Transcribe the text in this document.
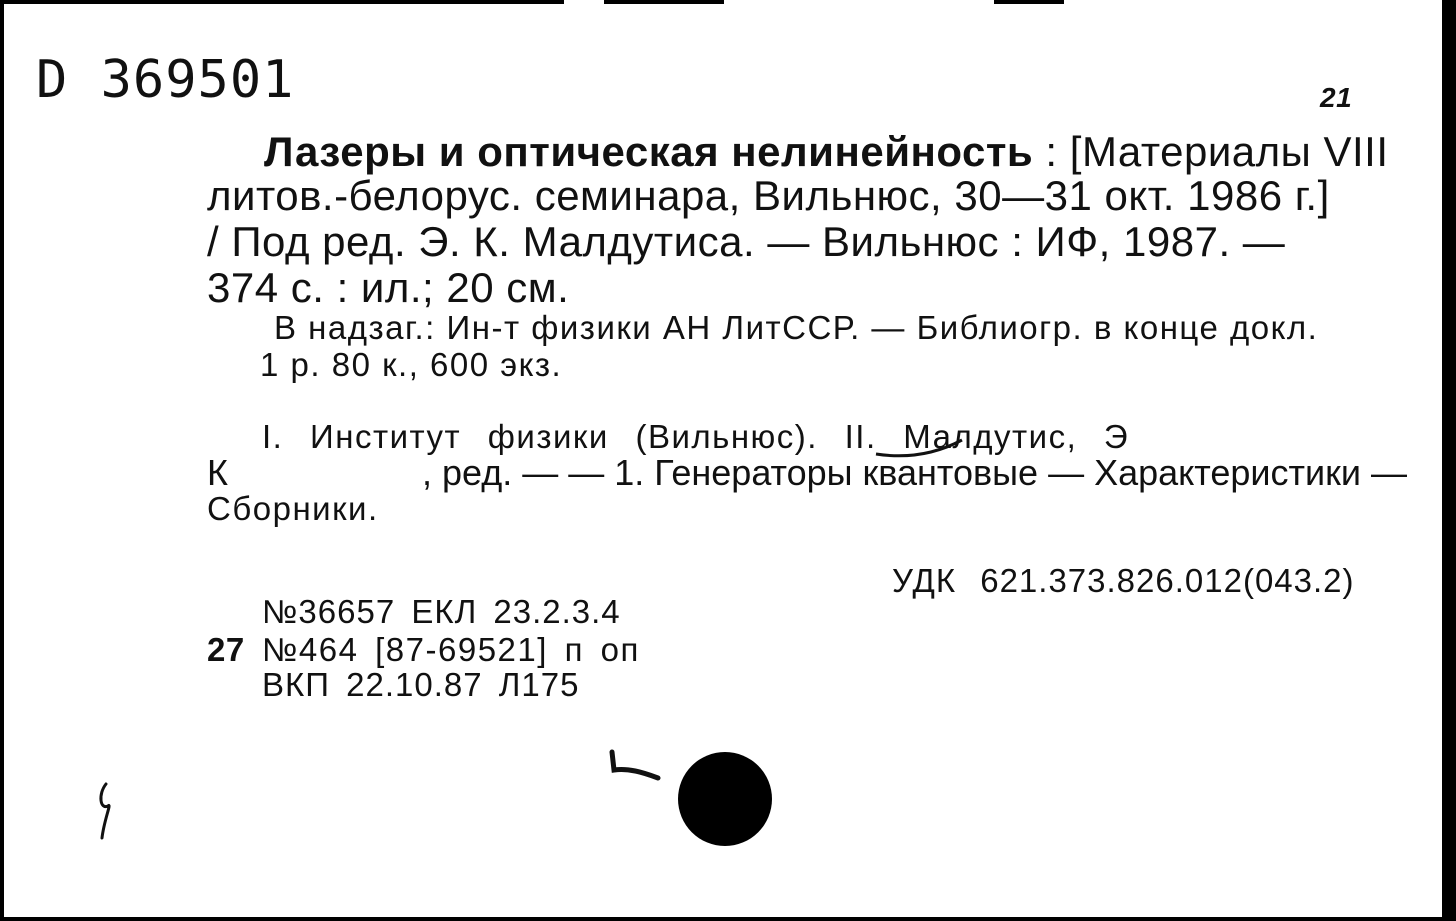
D 369501	21
Лазеры и оптическая нелинейность : [Материалы VIII
литов.-белорус. семинара, Вильнюс, 30—31 окт. 1986 г.]
/ Под ред. Э. К. Малдутиса. — Вильнюс : ИФ, 1987. —
374 с. : ил.; 20 см.
В надзаг.: Ин-т физики АН ЛитССР. — Библиогр. в конце докл.
1 р. 80 к., 600 экз.
I. Институт физики (Вильнюс). II. Малдутис, Э
К	, ред. — — 1. Генераторы квантовые — Характеристики —
Сборники.
УДК 621.373.826.012(043.2)
№36657 ЕКЛ 23.2.3.4
27 №464 [87-69521] п оп
ВКП 22.10.87 Л175
